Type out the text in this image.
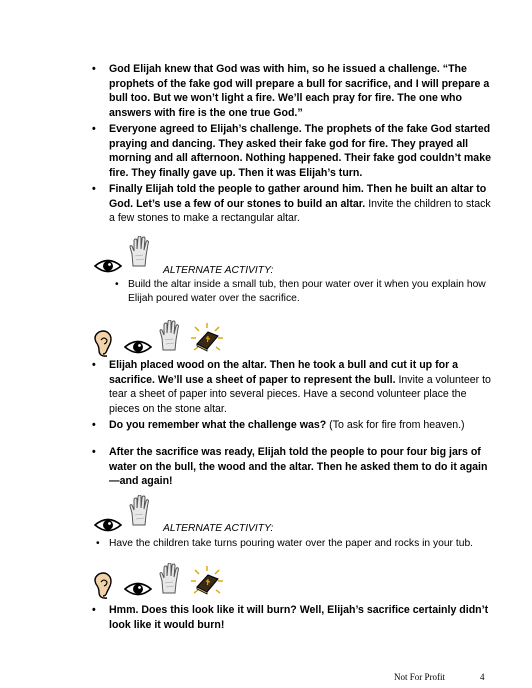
• God Elijah knew that God was with him, so he issued a challenge. “The prophets of the fake god will prepare a bull for sacrifice, and I will prepare a bull too. But we won’t light a fire. We’ll each pray for fire. The one who answers with fire is the one true God.”
• Everyone agreed to Elijah’s challenge. The prophets of the fake God started praying and dancing. They asked their fake god for fire. They prayed all morning and all afternoon. Nothing happened. Their fake god couldn’t make fire. They finally gave up. Then it was Elijah’s turn.
• Finally Elijah told the people to gather around him. Then he built an altar to God. Let’s use a few of our stones to build an altar. Invite the children to stack a few stones to make a rectangular altar.
ALTERNATE ACTIVITY:
• Build the altar inside a small tub, then pour water over it when you explain how Elijah poured water over the sacrifice.
• Elijah placed wood on the altar. Then he took a bull and cut it up for a sacrifice. We’ll use a sheet of paper to represent the bull. Invite a volunteer to tear a sheet of paper into several pieces. Have a second volunteer place the pieces on the stone altar.
• Do you remember what the challenge was? (To ask for fire from heaven.)
• After the sacrifice was ready, Elijah told the people to pour four big jars of water on the bull, the wood and the altar. Then he asked them to do it again—and again!
ALTERNATE ACTIVITY:
• Have the children take turns pouring water over the paper and rocks in your tub.
• Hmm. Does this look like it will burn? Well, Elijah’s sacrifice certainly didn’t look like it would burn!
Not For Profit	4
